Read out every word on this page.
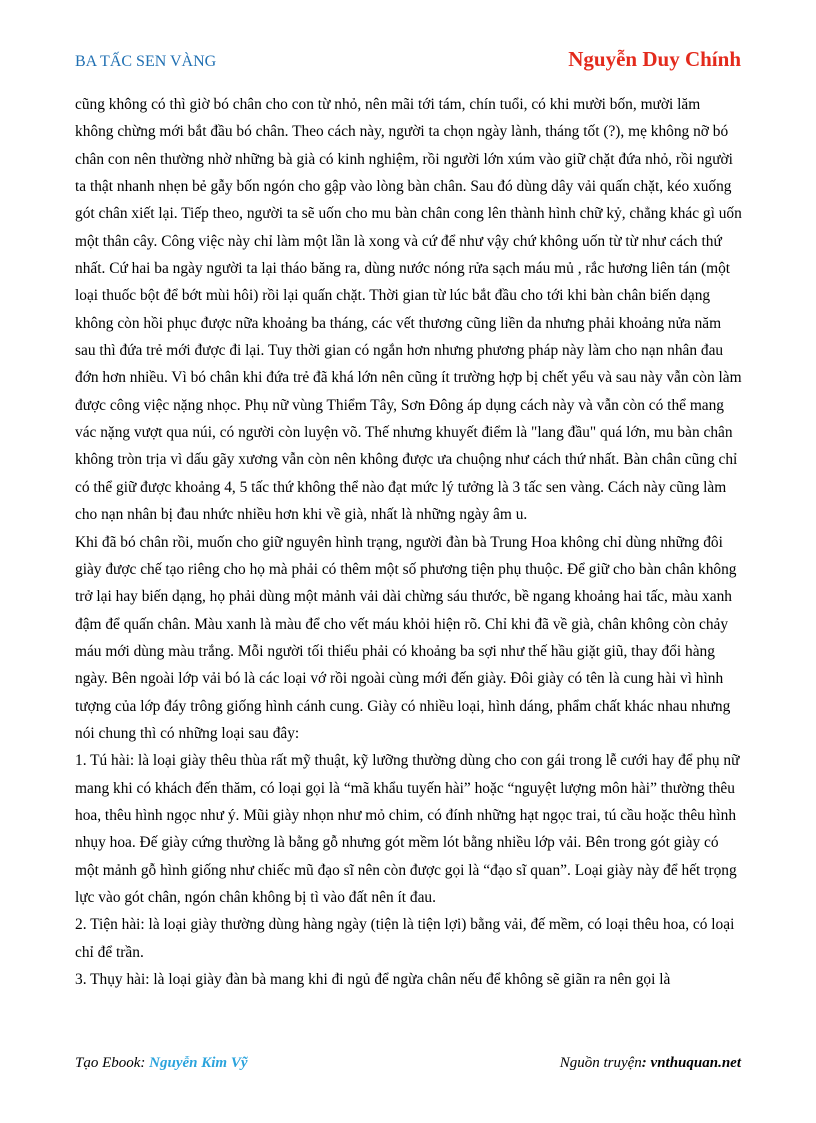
BA TẤC SEN VÀNG	Nguyễn Duy Chính

cũng không có thì giờ bó chân cho con từ nhỏ, nên mãi tới tám, chín tuổi, có khi mười bốn, mười lăm không chừng mới bắt đầu bó chân. Theo cách này, người ta chọn ngày lành, tháng tốt (?), mẹ không nỡ bó chân con nên thường nhờ những bà già có kinh nghiệm, rồi người lớn xúm vào giữ chặt đứa nhỏ, rồi người ta thật nhanh nhẹn bẻ gẫy bốn ngón cho gập vào lòng bàn chân. Sau đó dùng dây vải quấn chặt, kéo xuống gót chân xiết lại. Tiếp theo, người ta sẽ uốn cho mu bàn chân cong lên thành hình chữ kỷ, chẳng khác gì uốn một thân cây. Công việc này chỉ làm một lần là xong và cứ để như vậy chứ không uốn từ từ như cách thứ nhất. Cứ hai ba ngày người ta lại tháo băng ra, dùng nước nóng rửa sạch máu mủ , rắc hương liên tán (một loại thuốc bột để bớt mùi hôi) rồi lại quấn chặt. Thời gian từ lúc bắt đầu cho tới khi bàn chân biến dạng không còn hồi phục được nữa khoảng ba tháng, các vết thương cũng liền da nhưng phải khoảng nửa năm sau thì đứa trẻ mới được đi lại. Tuy thời gian có ngắn hơn nhưng phương pháp này làm cho nạn nhân đau đớn hơn nhiều. Vì bó chân khi đứa trẻ đã khá lớn nên cũng ít trường hợp bị chết yểu và sau này vẫn còn làm được công việc nặng nhọc. Phụ nữ vùng Thiểm Tây, Sơn Đông áp dụng cách này và vẫn còn có thể mang vác nặng vượt qua núi, có người còn luyện võ. Thế nhưng khuyết điểm là "lang đầu" quá lớn, mu bàn chân không tròn trịa vì dấu gãy xương vẫn còn nên không được ưa chuộng như cách thứ nhất. Bàn chân cũng chỉ có thể giữ được khoảng 4, 5 tấc thứ không thể nào đạt mức lý tưởng là 3 tấc sen vàng. Cách này cũng làm cho nạn nhân bị đau nhức nhiều hơn khi về già, nhất là những ngày âm u.

Khi đã bó chân rồi, muốn cho giữ nguyên hình trạng, người đàn bà Trung Hoa không chỉ dùng những đôi giày được chế tạo riêng cho họ mà phải có thêm một số phương tiện phụ thuộc. Để giữ cho bàn chân không trở lại hay biến dạng, họ phải dùng một mảnh vải dài chừng sáu thước, bề ngang khoảng hai tấc, màu xanh đậm để quấn chân. Màu xanh là màu để cho vết máu khỏi hiện rõ. Chỉ khi đã về già, chân không còn chảy máu mới dùng màu trắng. Mỗi người tối thiểu phải có khoảng ba sợi như thế hầu giặt giũ, thay đổi hàng ngày. Bên ngoài lớp vải bó là các loại vớ rồi ngoài cùng mới đến giày. Đôi giày có tên là cung hài vì hình tượng của lớp đáy trông giống hình cánh cung. Giày có nhiều loại, hình dáng, phẩm chất khác nhau nhưng nói chung thì có những loại sau đây:

1. Tú hài: là loại giày thêu thùa rất mỹ thuật, kỹ lưỡng thường dùng cho con gái trong lễ cưới hay để phụ nữ mang khi có khách đến thăm, có loại gọi là “mã khẩu tuyến hài” hoặc “nguyệt lượng môn hài” thường thêu hoa, thêu hình ngọc như ý. Mũi giày nhọn như mỏ chim, có đính những hạt ngọc trai, tú cầu hoặc thêu hình nhụy hoa. Đế giày cứng thường là bằng gỗ nhưng gót mềm lót bằng nhiều lớp vải. Bên trong gót giày có một mảnh gỗ hình giống như chiếc mũ đạo sĩ nên còn được gọi là “đạo sĩ quan”. Loại giày này để hết trọng lực vào gót chân, ngón chân không bị tì vào đất nên ít đau.

2. Tiện hài: là loại giày thường dùng hàng ngày (tiện là tiện lợi) bằng vải, đế mềm, có loại thêu hoa, có loại chỉ để trần.

3. Thụy hài: là loại giày đàn bà mang khi đi ngủ để ngừa chân nếu để không sẽ giãn ra nên gọi là

Tạo Ebook: Nguyễn Kim Vỹ	Nguồn truyện: vnthuquan.net
